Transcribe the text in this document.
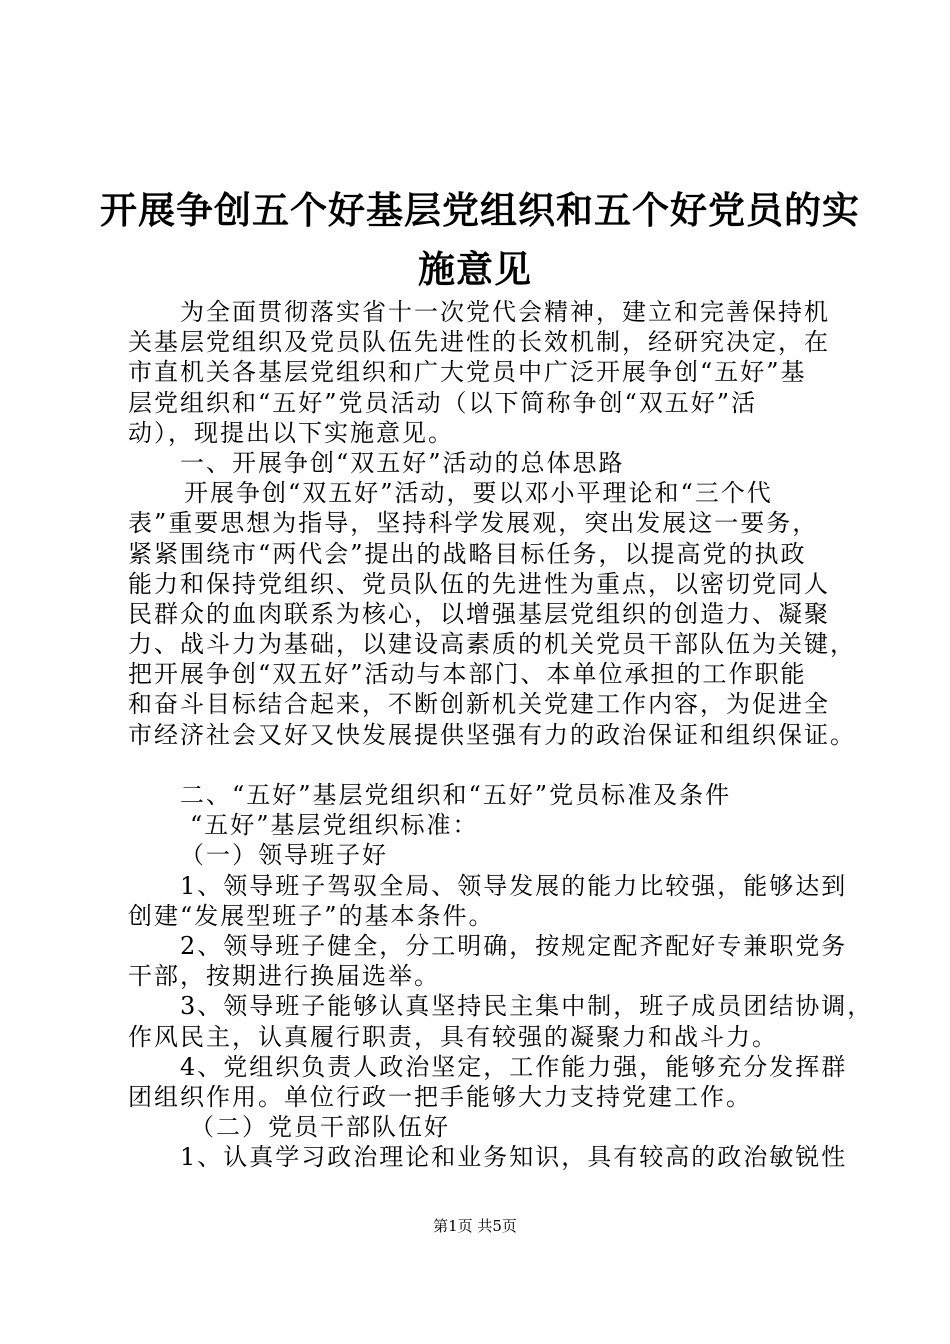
开展争创五个好基层党组织和五个好党员的实
施意见
为全面贯彻落实省十一次党代会精神，建立和完善保持机
关基层党组织及党员队伍先进性的长效机制，经研究决定，在
市直机关各基层党组织和广大党员中广泛开展争创“五好”基
层党组织和“五好”党员活动（以下简称争创“双五好”活
动），现提出以下实施意见。
一、开展争创“双五好”活动的总体思路
开展争创“双五好”活动，要以邓小平理论和“三个代
表”重要思想为指导，坚持科学发展观，突出发展这一要务，
紧紧围绕市“两代会”提出的战略目标任务，以提高党的执政
能力和保持党组织、党员队伍的先进性为重点，以密切党同人
民群众的血肉联系为核心，以增强基层党组织的创造力、凝聚
力、战斗力为基础，以建设高素质的机关党员干部队伍为关键，
把开展争创“双五好”活动与本部门、本单位承担的工作职能
和奋斗目标结合起来，不断创新机关党建工作内容，为促进全
市经济社会又好又快发展提供坚强有力的政治保证和组织保证。
二、“五好”基层党组织和“五好”党员标准及条件
“五好”基层党组织标准：
（一）领导班子好
1、领导班子驾驭全局、领导发展的能力比较强，能够达到
创建“发展型班子”的基本条件。
2、领导班子健全，分工明确，按规定配齐配好专兼职党务
干部，按期进行换届选举。
3、领导班子能够认真坚持民主集中制，班子成员团结协调，
作风民主，认真履行职责，具有较强的凝聚力和战斗力。
4、党组织负责人政治坚定，工作能力强，能够充分发挥群
团组织作用。单位行政一把手能够大力支持党建工作。
（二）党员干部队伍好
1、认真学习政治理论和业务知识，具有较高的政治敏锐性
第1页 共5页
